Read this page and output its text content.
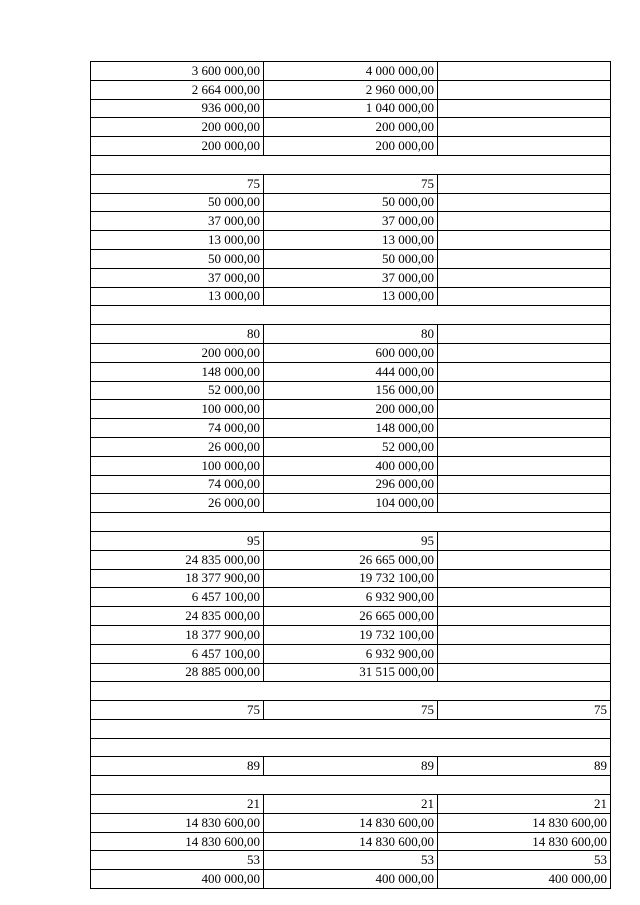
3 600 000,00	4 000 000,00	
2 664 000,00	2 960 000,00	
936 000,00	1 040 000,00	
200 000,00	200 000,00	
200 000,00	200 000,00	

75	75	
50 000,00	50 000,00	
37 000,00	37 000,00	
13 000,00	13 000,00	
50 000,00	50 000,00	
37 000,00	37 000,00	
13 000,00	13 000,00	

80	80	
200 000,00	600 000,00	
148 000,00	444 000,00	
52 000,00	156 000,00	
100 000,00	200 000,00	
74 000,00	148 000,00	
26 000,00	52 000,00	
100 000,00	400 000,00	
74 000,00	296 000,00	
26 000,00	104 000,00	

95	95	
24 835 000,00	26 665 000,00	
18 377 900,00	19 732 100,00	
6 457 100,00	6 932 900,00	
24 835 000,00	26 665 000,00	
18 377 900,00	19 732 100,00	
6 457 100,00	6 932 900,00	
28 885 000,00	31 515 000,00	

75	75	75

89	89	89

21	21	21
14 830 600,00	14 830 600,00	14 830 600,00
14 830 600,00	14 830 600,00	14 830 600,00
53	53	53
400 000,00	400 000,00	400 000,00
